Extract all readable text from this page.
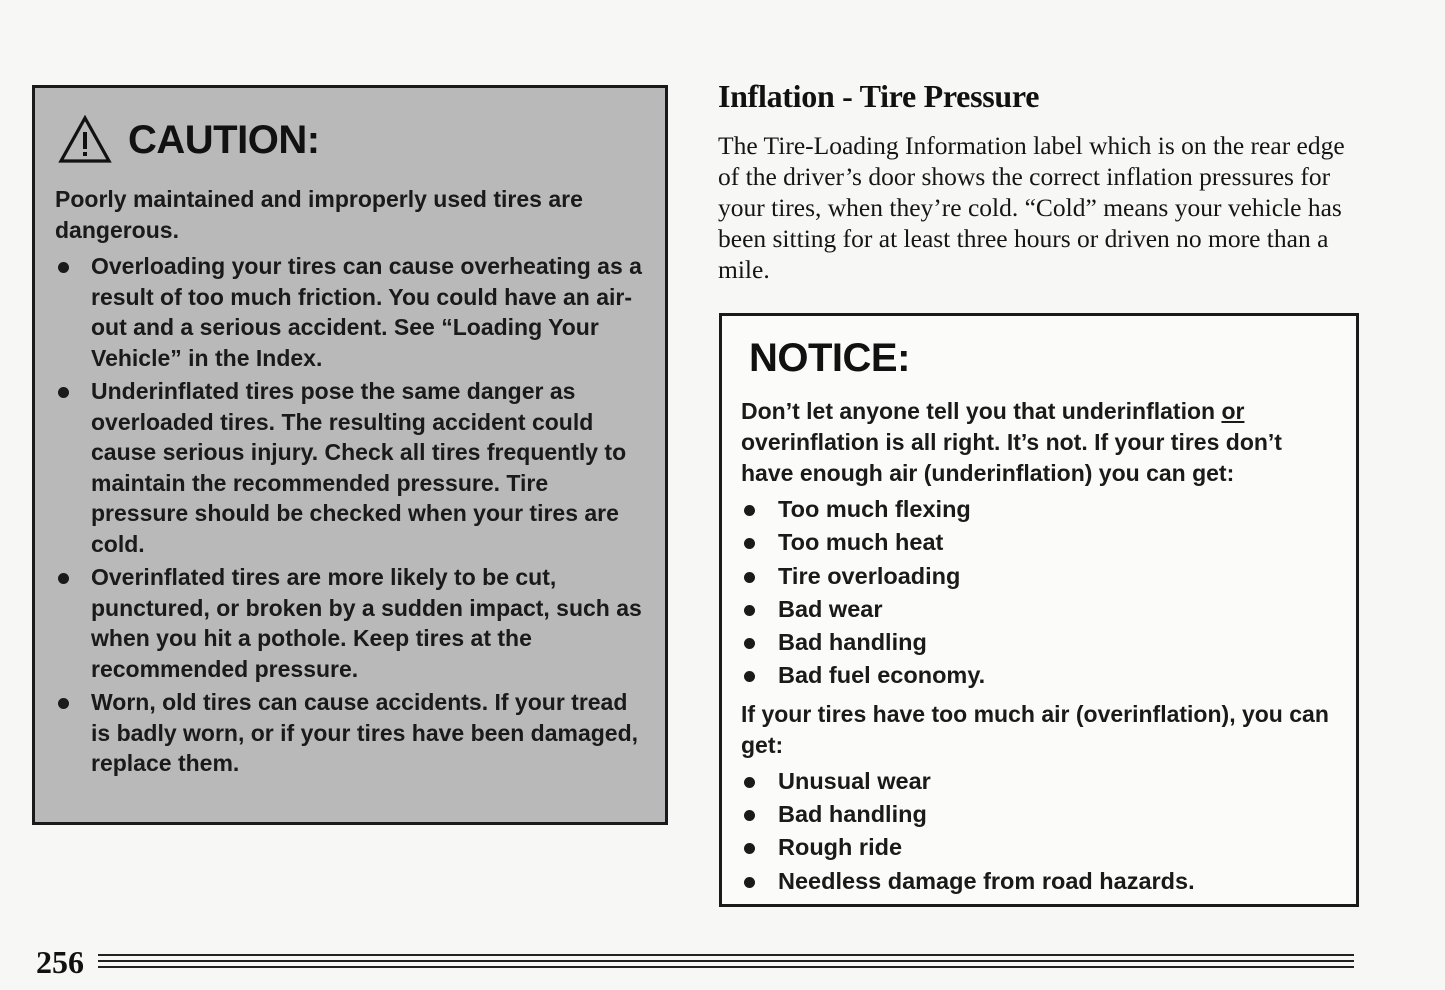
CAUTION:

Poorly maintained and improperly used tires are dangerous.

Overloading your tires can cause overheating as a result of too much friction. You could have an air-out and a serious accident. See “Loading Your Vehicle” in the Index.
Underinflated tires pose the same danger as overloaded tires. The resulting accident could cause serious injury. Check all tires frequently to maintain the recommended pressure. Tire pressure should be checked when your tires are cold.
Overinflated tires are more likely to be cut, punctured, or broken by a sudden impact, such as when you hit a pothole. Keep tires at the recommended pressure.
Worn, old tires can cause accidents. If your tread is badly worn, or if your tires have been damaged, replace them.
Inflation - Tire Pressure
The Tire-Loading Information label which is on the rear edge of the driver’s door shows the correct inflation pressures for your tires, when they’re cold. “Cold” means your vehicle has been sitting for at least three hours or driven no more than a mile.
NOTICE:

Don’t let anyone tell you that underinflation or overinflation is all right. It’s not. If your tires don’t have enough air (underinflation) you can get:

Too much flexing
Too much heat
Tire overloading
Bad wear
Bad handling
Bad fuel economy.

If your tires have too much air (overinflation), you can get:

Unusual wear
Bad handling
Rough ride
Needless damage from road hazards.
256
